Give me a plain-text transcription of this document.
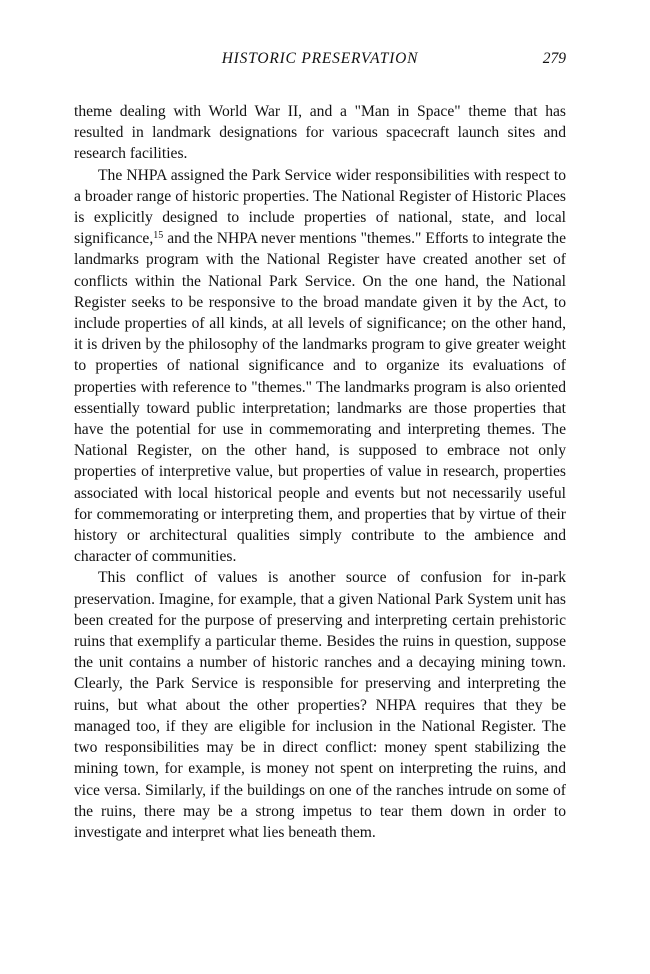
HISTORIC PRESERVATION	279

theme dealing with World War II, and a "Man in Space" theme that has resulted in landmark designations for various spacecraft launch sites and research facilities.

The NHPA assigned the Park Service wider responsibilities with respect to a broader range of historic properties. The National Register of Historic Places is explicitly designed to include properties of national, state, and local significance,$^{15}$ and the NHPA never mentions "themes." Efforts to integrate the landmarks program with the National Register have created another set of conflicts within the National Park Service. On the one hand, the National Register seeks to be responsive to the broad mandate given it by the Act, to include properties of all kinds, at all levels of significance; on the other hand, it is driven by the philosophy of the landmarks program to give greater weight to properties of national significance and to organize its evaluations of properties with reference to "themes." The landmarks program is also oriented essentially toward public interpretation; landmarks are those properties that have the potential for use in commemorating and interpreting themes. The National Register, on the other hand, is supposed to embrace not only properties of interpretive value, but properties of value in research, properties associated with local historical people and events but not necessarily useful for commemorating or interpreting them, and properties that by virtue of their history or architectural qualities simply contribute to the ambience and character of communities.

This conflict of values is another source of confusion for in-park preservation. Imagine, for example, that a given National Park System unit has been created for the purpose of preserving and interpreting certain prehistoric ruins that exemplify a particular theme. Besides the ruins in question, suppose the unit contains a number of historic ranches and a decaying mining town. Clearly, the Park Service is responsible for preserving and interpreting the ruins, but what about the other properties? NHPA requires that they be managed too, if they are eligible for inclusion in the National Register. The two responsibilities may be in direct conflict: money spent stabilizing the mining town, for example, is money not spent on interpreting the ruins, and vice versa. Similarly, if the buildings on one of the ranches intrude on some of the ruins, there may be a strong impetus to tear them down in order to investigate and interpret what lies beneath them.
